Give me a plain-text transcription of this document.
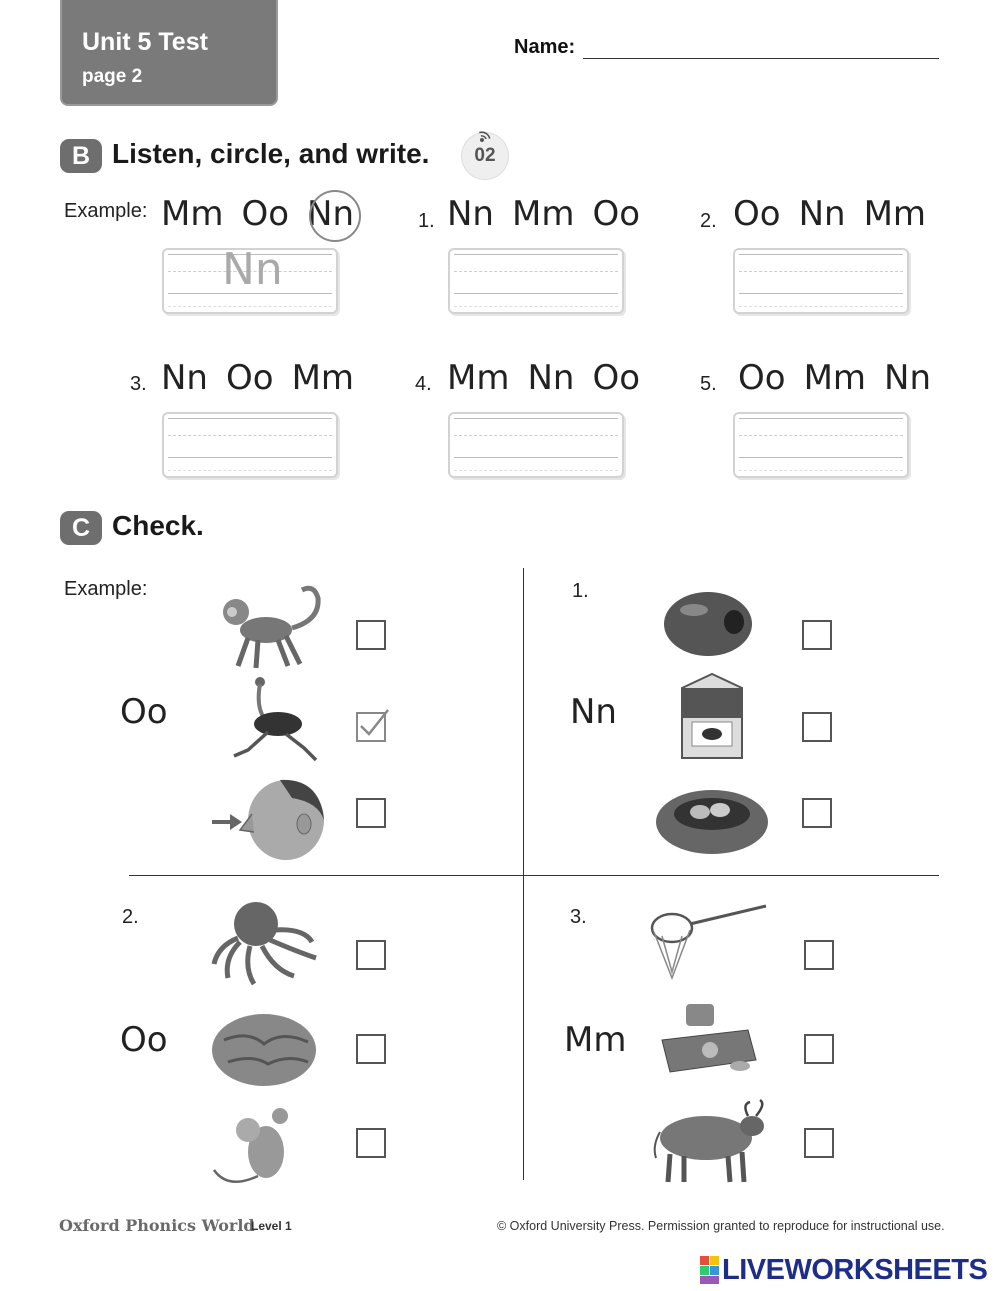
Unit 5 Test
page 2
Name:
B Listen, circle, and write.	02
Example: Mm Oo Nn
Nn
1. Nn Mm Oo	2. Oo Nn Mm
3. Nn Oo Mm	4. Mm Nn Oo	5. Oo Mm Nn
C Check.
Example:
Oo
1.
Nn
2.
Oo
3.
Mm
Oxford Phonics World
Level 1	© Oxford University Press. Permission granted to reproduce for instructional use.
LIVEWORKSHEETS
